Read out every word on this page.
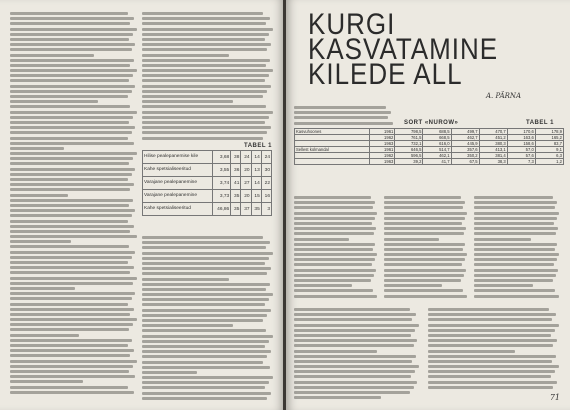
TABEL 1
Hilise pealepanemise kile	3,68	38	24	14	24
Kahe spetsialiseeritud	3,55	36	20	13	30
Varajane pealepanemine	3,74	41	27	14	22
Varajane pealepanemine	3,73	35	20	15	16
Kahe spetsialiseeritud	46,86	35	37	35	3
KURGI
KASVATAMINE
KILEDE ALL
A. PÄRNA
SORT «NUROW»	TABEL 1
Kasvuhoones	1961	798,5	688,5	499,7	470,7	170,6	178,9
	1962	761,5	668,5	462,7	451,2	163,6	165,2
	1963	732,1	616,0	445,9	380,3	158,6	83,7
Sellest kolmandal	1961	646,5	514,7	357,6	413,1	57,0	9,1
	1962	596,5	462,1	350,2	381,4	57,6	6,3
	1963	39,2	41,7	67,5	38,3	7,3	1,2
71
